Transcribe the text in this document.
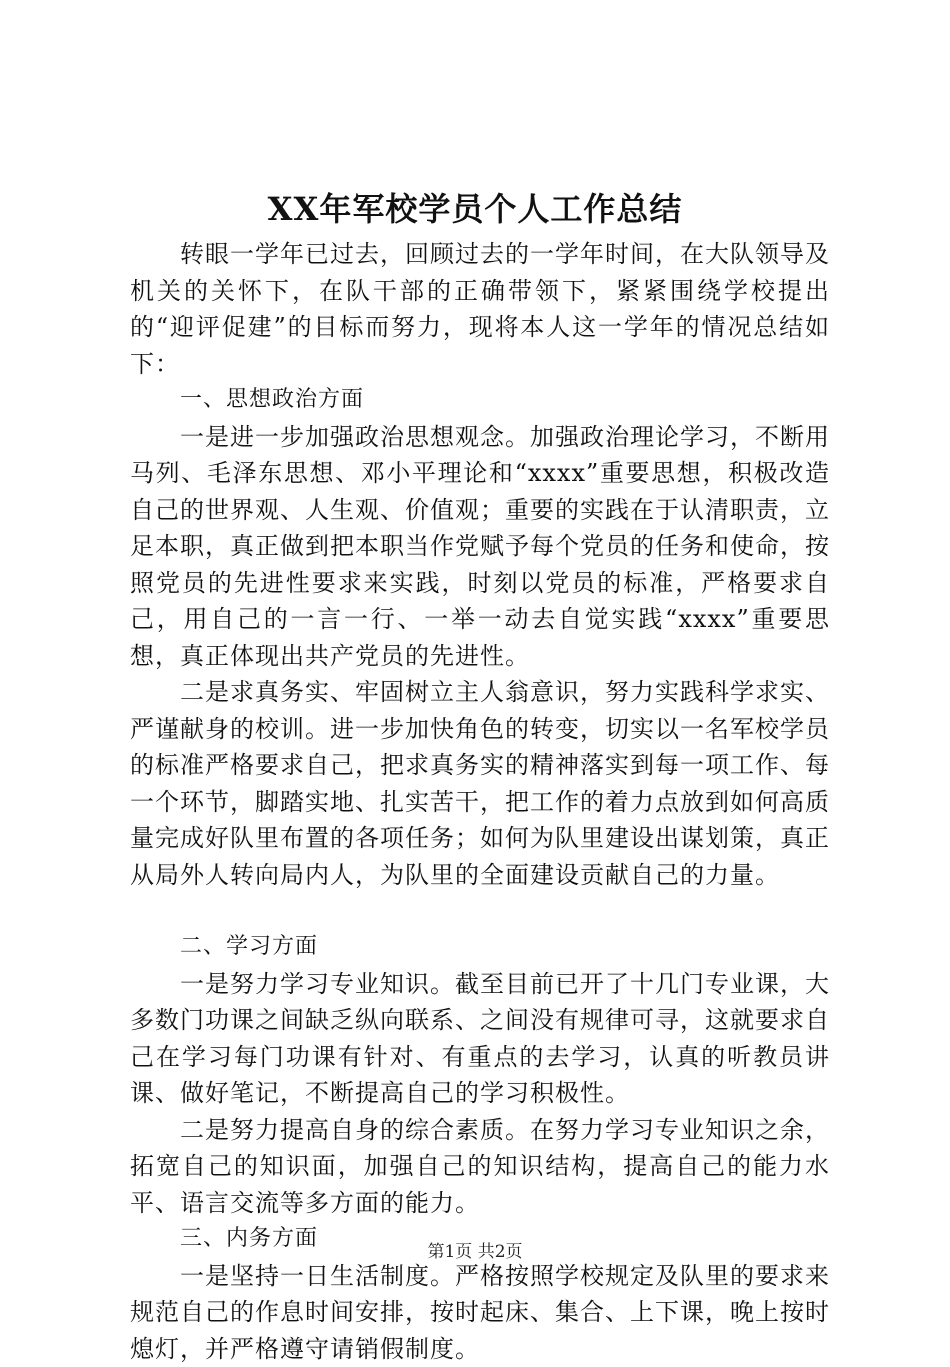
XX年军校学员个人工作总结

转眼一学年已过去，回顾过去的一学年时间，在大队领导及机关的关怀下，在队干部的正确带领下，紧紧围绕学校提出的“迎评促建”的目标而努力，现将本人这一学年的情况总结如下：

一、思想政治方面

一是进一步加强政治思想观念。加强政治理论学习，不断用马列、毛泽东思想、邓小平理论和“xxxx”重要思想，积极改造自己的世界观、人生观、价值观；重要的实践在于认清职责，立足本职，真正做到把本职当作党赋予每个党员的任务和使命，按照党员的先进性要求来实践，时刻以党员的标准，严格要求自己，用自己的一言一行、一举一动去自觉实践“xxxx”重要思想，真正体现出共产党员的先进性。

二是求真务实、牢固树立主人翁意识，努力实践科学求实、严谨献身的校训。进一步加快角色的转变，切实以一名军校学员的标准严格要求自己，把求真务实的精神落实到每一项工作、每一个环节，脚踏实地、扎实苦干，把工作的着力点放到如何高质量完成好队里布置的各项任务；如何为队里建设出谋划策，真正从局外人转向局内人，为队里的全面建设贡献自己的力量。

二、学习方面

一是努力学习专业知识。截至目前已开了十几门专业课，大多数门功课之间缺乏纵向联系、之间没有规律可寻，这就要求自己在学习每门功课有针对、有重点的去学习，认真的听教员讲课、做好笔记，不断提高自己的学习积极性。

二是努力提高自身的综合素质。在努力学习专业知识之余，拓宽自己的知识面，加强自己的知识结构，提高自己的能力水平、语言交流等多方面的能力。

三、内务方面

一是坚持一日生活制度。严格按照学校规定及队里的要求来规范自己的作息时间安排，按时起床、集合、上下课，晚上按时熄灯，并严格遵守请销假制度。

第1页 共2页
